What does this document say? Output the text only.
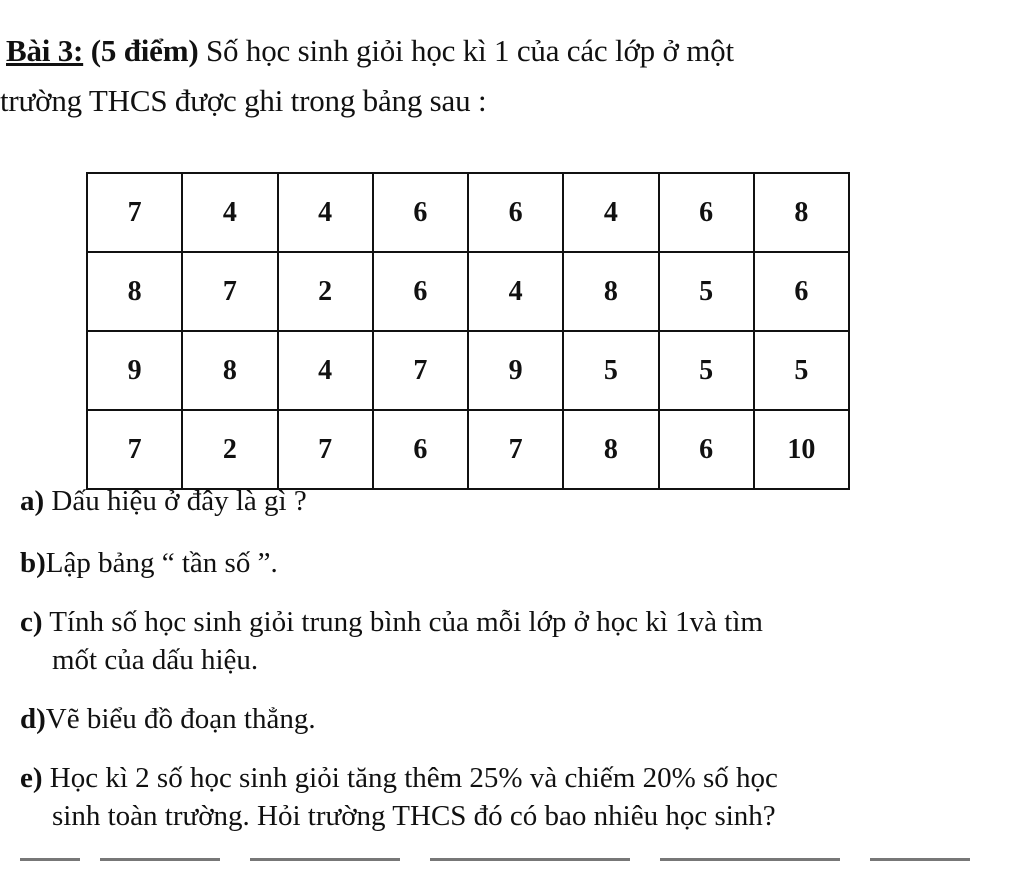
Bài 3: (5 điểm) Số học sinh giỏi học kì 1 của các lớp ở một
trường THCS được ghi trong bảng sau :
7	4	4	6	6	4	6	8
8	7	2	6	4	8	5	6
9	8	4	7	9	5	5	5
7	2	7	6	7	8	6	10
a) Dấu hiệu ở đây là gì ?
b)Lập bảng “ tần số ”.
c) Tính số học sinh giỏi trung bình của mỗi lớp ở học kì 1và tìm
mốt của dấu hiệu.
d)Vẽ biểu đồ đoạn thẳng.
e) Học kì 2 số học sinh giỏi tăng thêm 25% và chiếm 20% số học
sinh toàn trường. Hỏi trường THCS đó có bao nhiêu học sinh?
